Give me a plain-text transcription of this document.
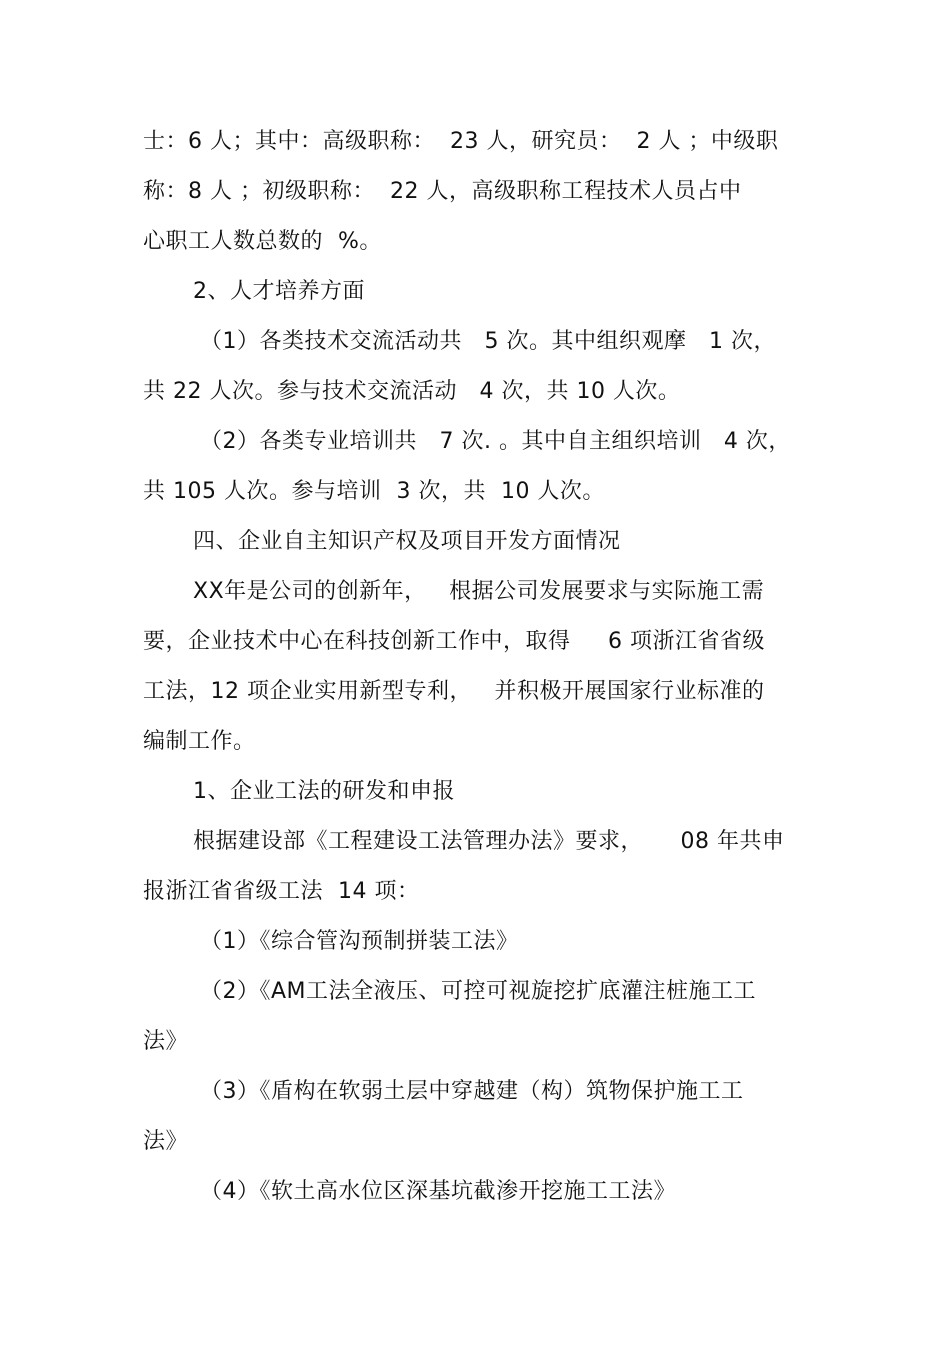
士：6 人；其中：高级职称：  23 人，研究员：  2 人 ；中级职
称：8 人 ；初级职称：  22 人，高级职称工程技术人员占中
心职工人数总数的  %。
2、人才培养方面
（1）各类技术交流活动共   5 次。其中组织观摩   1 次，
共 22 人次。参与技术交流活动   4 次，共 10 人次。
（2）各类专业培训共   7 次. 。其中自主组织培训   4 次，
共 105 人次。参与培训  3 次，共  10 人次。
四、企业自主知识产权及项目开发方面情况
XX年是公司的创新年，   根据公司发展要求与实际施工需
要，企业技术中心在科技创新工作中，取得     6 项浙江省省级
工法，12 项企业实用新型专利，   并积极开展国家行业标准的
编制工作。
1、企业工法的研发和申报
根据建设部《工程建设工法管理办法》要求，     08 年共申
报浙江省省级工法  14 项：
（1）《综合管沟预制拼装工法》
（2）《AM工法全液压、可控可视旋挖扩底灌注桩施工工
法》
（3）《盾构在软弱土层中穿越建（构）筑物保护施工工
法》
（4）《软土高水位区深基坑截渗开挖施工工法》
